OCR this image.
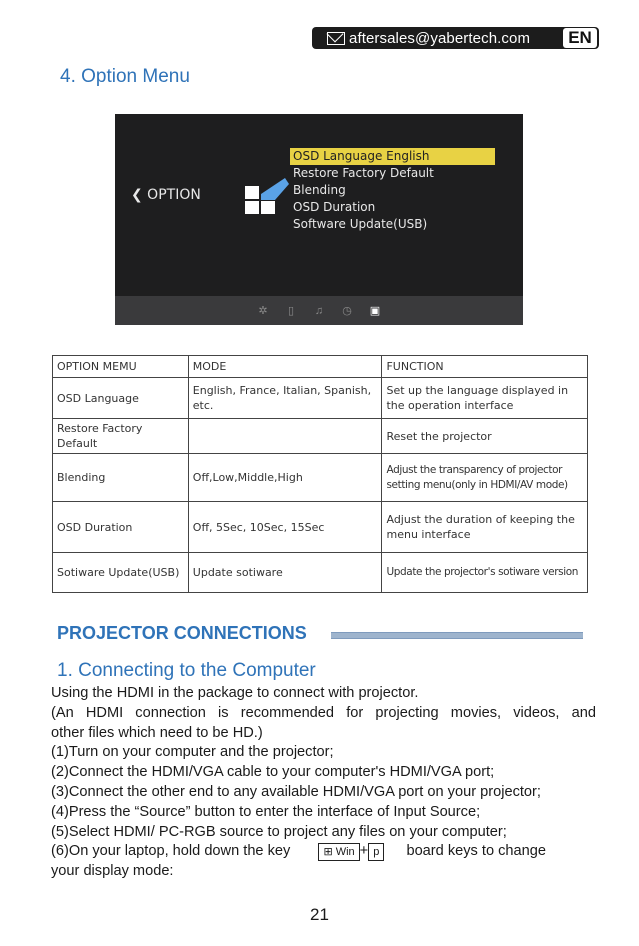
aftersales@yabertech.com	EN
4. Option Menu
❮ OPTION
OSD Language English
Restore Factory Default
Blending
OSD Duration
Software Update(USB)
✲	▯	♫ ◷ ▣
OPTION MEMU	MODE	FUNCTION
OSD Language	English, France, Italian, Spanish, etc.	Set up the language displayed in the operation interface
Restore Factory Default		Reset the projector
Blending	Off,Low,Middle,High	Adjust the transparency of projector setting menu(only in HDMI/AV mode)
OSD Duration	Off, 5Sec, 10Sec, 15Sec	Adjust the duration of keeping the menu interface
Sotiware Update(USB)	Update sotiware	Update the projector's sotiware version
PROJECTOR CONNECTIONS
1. Connecting to the Computer

Using the HDMI in the package to connect with projector.

(An HDMI connection is recommended for projecting movies, videos, and

other files which need to be HD.)

(1)Turn on your computer and the projector;

(2)Connect the HDMI/VGA cable to your computer's HDMI/VGA port;

(3)Connect the other end to any available HDMI/VGA port on your projector;

(4)Press the “Source” button to enter the interface of Input Source;

(5)Select HDMI/ PC-RGB source to project any files on your computer;

(6)On your laptop, hold down the key	⊞ Win + p board keys to change

your display mode:

21
